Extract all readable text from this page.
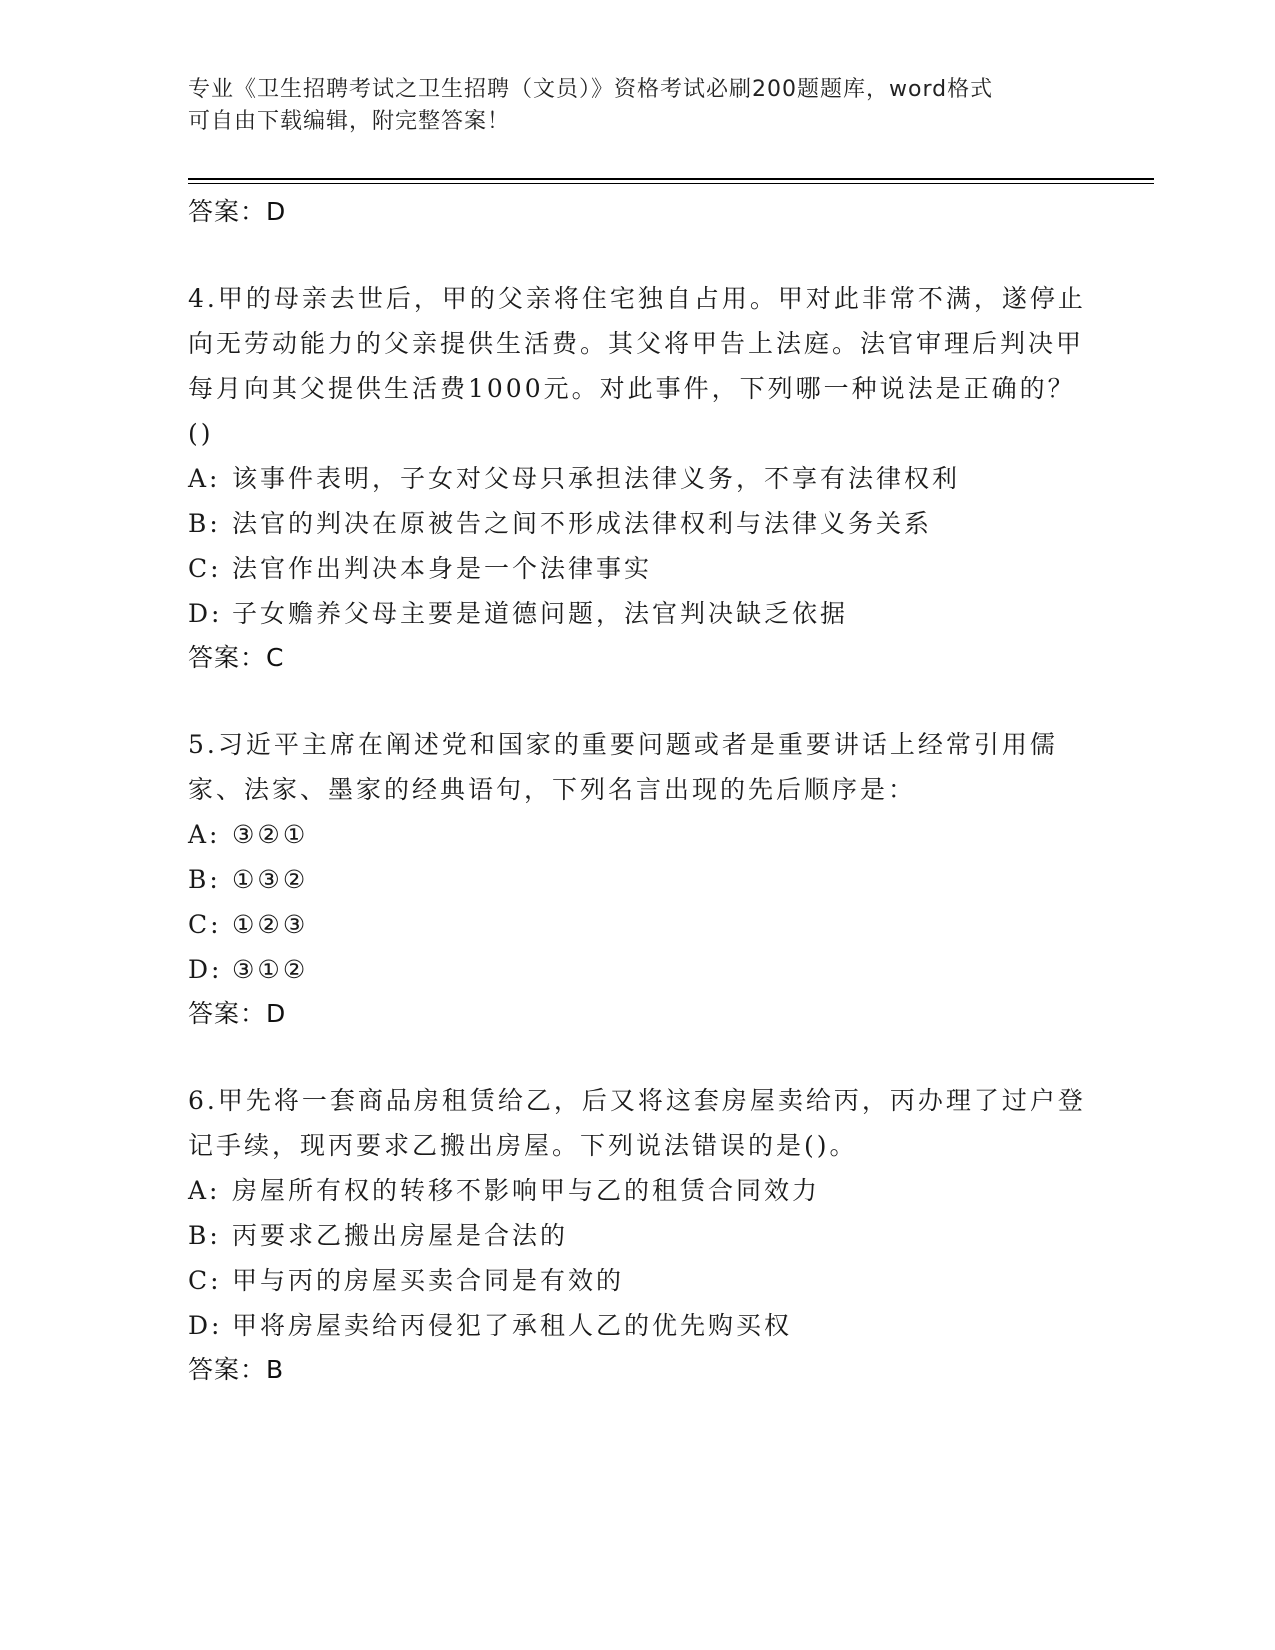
专业《卫生招聘考试之卫生招聘（文员）》资格考试必刷200题题库，word格式
可自由下载编辑，附完整答案！
答案：D
4.甲的母亲去世后，甲的父亲将住宅独自占用。甲对此非常不满，遂停止向无劳动能力的父亲提供生活费。其父将甲告上法庭。法官审理后判决甲每月向其父提供生活费1000元。对此事件，下列哪一种说法是正确的？()
A: 该事件表明，子女对父母只承担法律义务，不享有法律权利
B: 法官的判决在原被告之间不形成法律权利与法律义务关系
C: 法官作出判决本身是一个法律事实
D: 子女赡养父母主要是道德问题，法官判决缺乏依据
答案：C
5.习近平主席在阐述党和国家的重要问题或者是重要讲话上经常引用儒家、法家、墨家的经典语句，下列名言出现的先后顺序是：
A: ③②①
B: ①③②
C: ①②③
D: ③①②
答案：D
6.甲先将一套商品房租赁给乙，后又将这套房屋卖给丙，丙办理了过户登记手续，现丙要求乙搬出房屋。下列说法错误的是()。
A: 房屋所有权的转移不影响甲与乙的租赁合同效力
B: 丙要求乙搬出房屋是合法的
C: 甲与丙的房屋买卖合同是有效的
D: 甲将房屋卖给丙侵犯了承租人乙的优先购买权
答案：B
